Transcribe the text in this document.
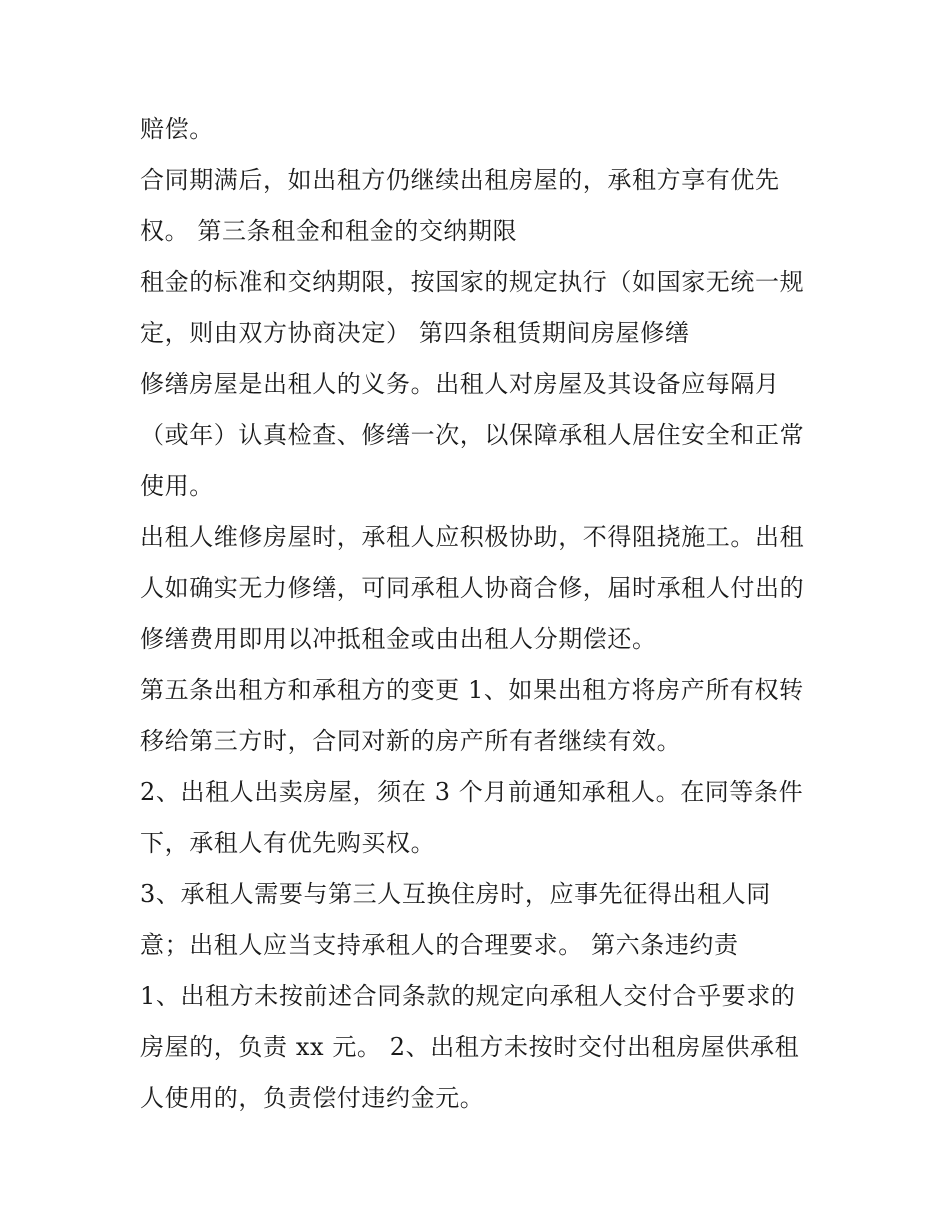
赔偿。
合同期满后，如出租方仍继续出租房屋的，承租方享有优先
权。 第三条租金和租金的交纳期限
租金的标准和交纳期限，按国家的规定执行（如国家无统一规
定，则由双方协商决定） 第四条租赁期间房屋修缮
修缮房屋是出租人的义务。出租人对房屋及其设备应每隔月
（或年）认真检查、修缮一次，以保障承租人居住安全和正常
使用。
出租人维修房屋时，承租人应积极协助，不得阻挠施工。出租
人如确实无力修缮，可同承租人协商合修，届时承租人付出的
修缮费用即用以冲抵租金或由出租人分期偿还。
第五条出租方和承租方的变更 1、如果出租方将房产所有权转
移给第三方时，合同对新的房产所有者继续有效。
2、出租人出卖房屋，须在 3 个月前通知承租人。在同等条件
下，承租人有优先购买权。
3、承租人需要与第三人互换住房时，应事先征得出租人同
意；出租人应当支持承租人的合理要求。 第六条违约责
1、出租方未按前述合同条款的规定向承租人交付合乎要求的
房屋的，负责 xx 元。 2、出租方未按时交付出租房屋供承租
人使用的，负责偿付违约金元。
